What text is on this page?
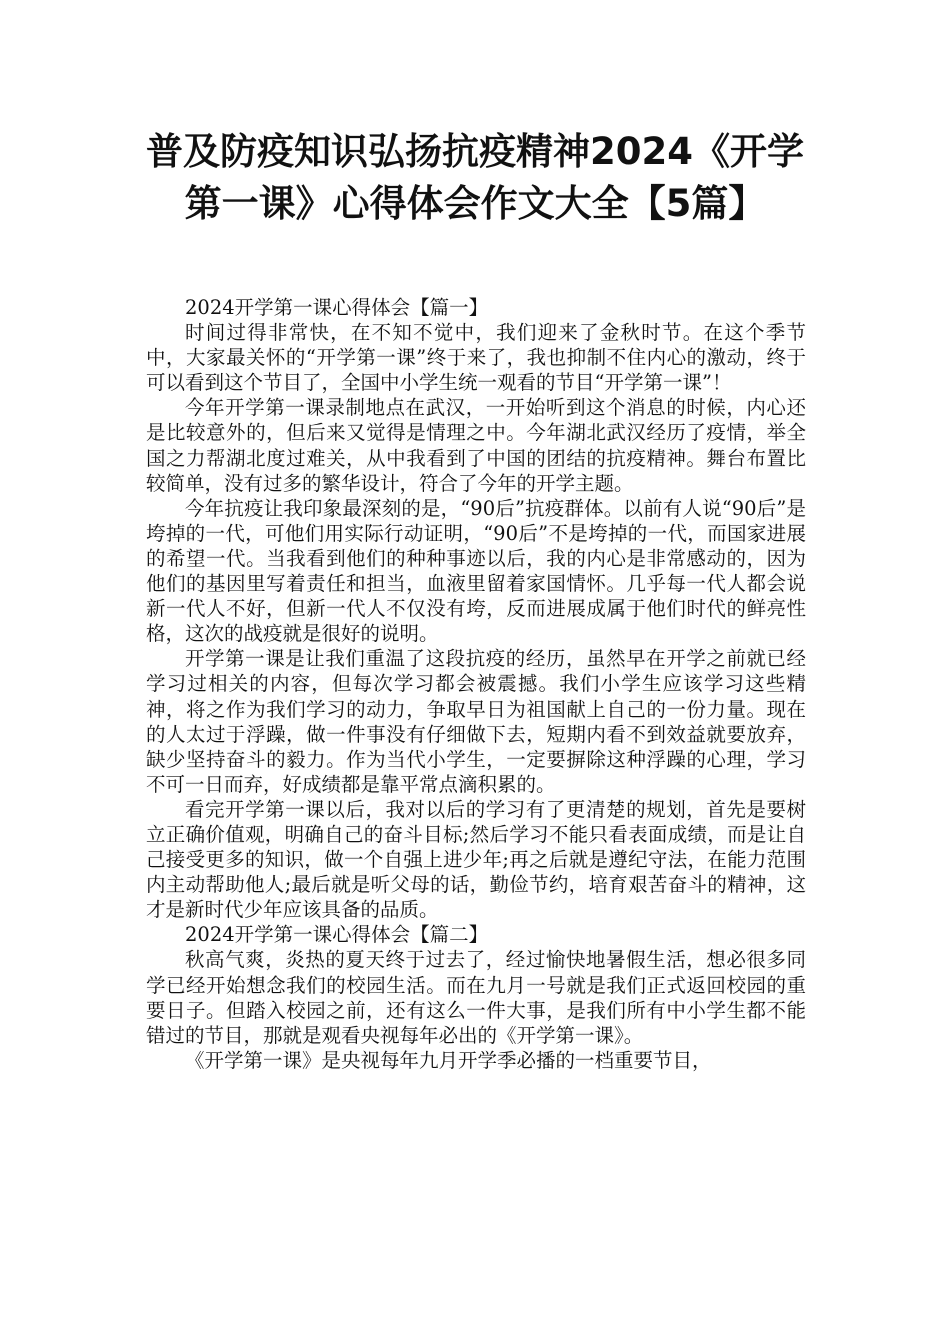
普及防疫知识弘扬抗疫精神2024《开学
第一课》心得体会作文大全【5篇】

2024开学第一课心得体会【篇一】

时间过得非常快，在不知不觉中，我们迎来了金秋时节。在这个季节中，大家最关怀的“开学第一课”终于来了，我也抑制不住内心的激动，终于可以看到这个节目了，全国中小学生统一观看的节目“开学第一课”！

今年开学第一课录制地点在武汉，一开始听到这个消息的时候，内心还是比较意外的，但后来又觉得是情理之中。今年湖北武汉经历了疫情，举全国之力帮湖北度过难关，从中我看到了中国的团结的抗疫精神。舞台布置比较简单，没有过多的繁华设计，符合了今年的开学主题。

今年抗疫让我印象最深刻的是，“90后”抗疫群体。以前有人说“90后”是垮掉的一代，可他们用实际行动证明，“90后”不是垮掉的一代，而国家进展的希望一代。当我看到他们的种种事迹以后，我的内心是非常感动的，因为他们的基因里写着责任和担当，血液里留着家国情怀。几乎每一代人都会说新一代人不好，但新一代人不仅没有垮，反而进展成属于他们时代的鲜亮性格，这次的战疫就是很好的说明。

开学第一课是让我们重温了这段抗疫的经历，虽然早在开学之前就已经学习过相关的内容，但每次学习都会被震撼。我们小学生应该学习这些精神，将之作为我们学习的动力，争取早日为祖国献上自己的一份力量。现在的人太过于浮躁，做一件事没有仔细做下去，短期内看不到效益就要放弃，缺少坚持奋斗的毅力。作为当代小学生，一定要摒除这种浮躁的心理，学习不可一日而弃，好成绩都是靠平常点滴积累的。

看完开学第一课以后，我对以后的学习有了更清楚的规划，首先是要树立正确价值观，明确自己的奋斗目标;然后学习不能只看表面成绩，而是让自己接受更多的知识，做一个自强上进少年;再之后就是遵纪守法，在能力范围内主动帮助他人;最后就是听父母的话，勤俭节约，培育艰苦奋斗的精神，这才是新时代少年应该具备的品质。

2024开学第一课心得体会【篇二】

秋高气爽，炎热的夏天终于过去了，经过愉快地暑假生活，想必很多同学已经开始想念我们的校园生活。而在九月一号就是我们正式返回校园的重要日子。但踏入校园之前，还有这么一件大事，是我们所有中小学生都不能错过的节目，那就是观看央视每年必出的《开学第一课》。

《开学第一课》是央视每年九月开学季必播的一档重要节目，
